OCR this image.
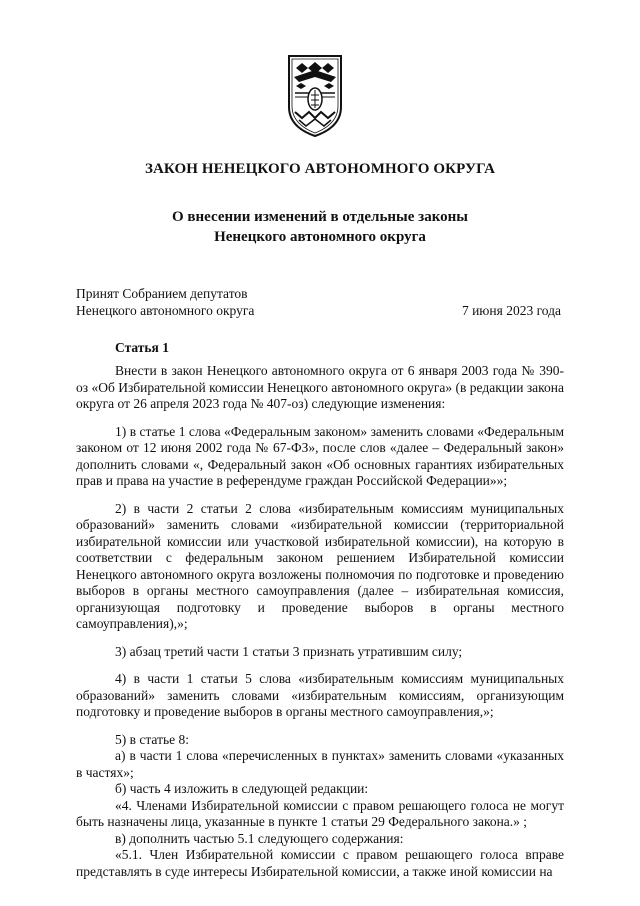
ЗАКОН НЕНЕЦКОГО АВТОНОМНОГО ОКРУГА
О внесении изменений в отдельные законы
Ненецкого автономного округа
Принят Собранием депутатов
Ненецкого автономного округа	7 июня 2023 года
Статья 1

Внести в закон Ненецкого автономного округа от 6 января 2003 года № 390-оз «Об Избирательной комиссии Ненецкого автономного округа» (в редакции закона округа от 26 апреля 2023 года № 407-оз) следующие изменения:

1) в статье 1 слова «Федеральным законом» заменить словами «Федеральным законом от 12 июня 2002 года № 67-ФЗ», после слов «далее – Федеральный закон» дополнить словами «, Федеральный закон «Об основных гарантиях избирательных прав и права на участие в референдуме граждан Российской Федерации»»;

2) в части 2 статьи 2 слова «избирательным комиссиям муниципальных образований» заменить словами «избирательной комиссии (территориальной избирательной комиссии или участковой избирательной комиссии), на которую в соответствии с федеральным законом решением Избирательной комиссии Ненецкого автономного округа возложены полномочия по подготовке и проведению выборов в органы местного самоуправления (далее – избирательная комиссия, организующая подготовку и проведение выборов в органы местного самоуправления),»;

3) абзац третий части 1 статьи 3 признать утратившим силу;

4) в части 1 статьи 5 слова «избирательным комиссиям муниципальных образований» заменить словами «избирательным комиссиям, организующим подготовку и проведение выборов в органы местного самоуправления,»;

5) в статье 8:

а) в части 1 слова «перечисленных в пунктах» заменить словами «указанных в частях»;

б) часть 4 изложить в следующей редакции:

«4. Членами Избирательной комиссии с правом решающего голоса не могут быть назначены лица, указанные в пункте 1 статьи 29 Федерального закона.» ;

в) дополнить частью 5.1 следующего содержания:

«5.1. Член Избирательной комиссии с правом решающего голоса вправе представлять в суде интересы Избирательной комиссии, а также иной комиссии на
